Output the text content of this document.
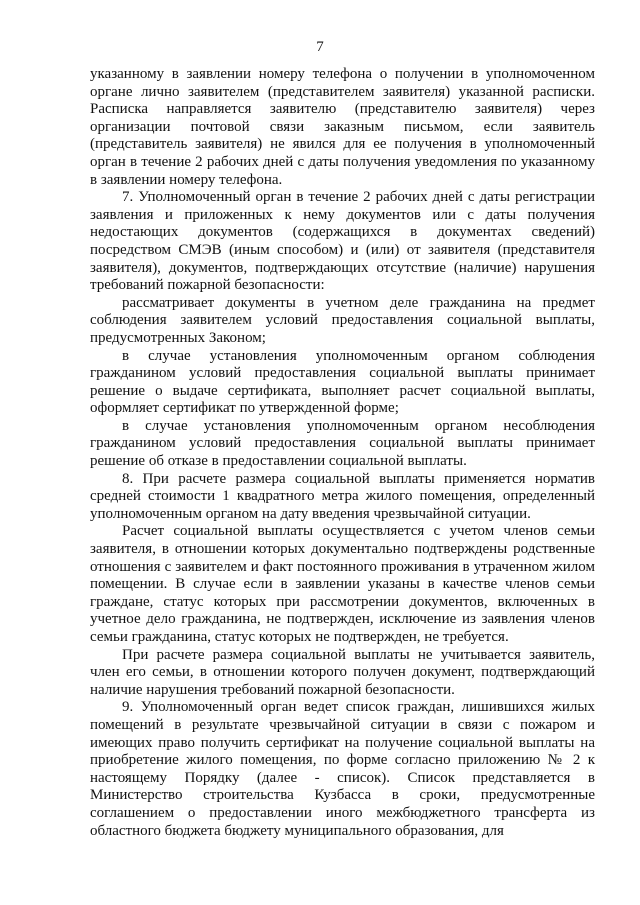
7

указанному в заявлении номеру телефона о получении в уполномоченном органе лично заявителем (представителем заявителя) указанной расписки. Расписка направляется заявителю (представителю заявителя) через организации почтовой связи заказным письмом, если заявитель (представитель заявителя) не явился для ее получения в уполномоченный орган в течение 2 рабочих дней с даты получения уведомления по указанному в заявлении номеру телефона.

7. Уполномоченный орган в течение 2 рабочих дней с даты регистрации заявления и приложенных к нему документов или с даты получения недостающих документов (содержащихся в документах сведений) посредством СМЭВ (иным способом) и (или) от заявителя (представителя заявителя), документов, подтверждающих отсутствие (наличие) нарушения требований пожарной безопасности:

рассматривает документы в учетном деле гражданина на предмет соблюдения заявителем условий предоставления социальной выплаты, предусмотренных Законом;

в случае установления уполномоченным органом соблюдения гражданином условий предоставления социальной выплаты принимает решение о выдаче сертификата, выполняет расчет социальной выплаты, оформляет сертификат по утвержденной форме;

в случае установления уполномоченным органом несоблюдения гражданином условий предоставления социальной выплаты принимает решение об отказе в предоставлении социальной выплаты.

8. При расчете размера социальной выплаты применяется норматив средней стоимости 1 квадратного метра жилого помещения, определенный уполномоченным органом на дату введения чрезвычайной ситуации.

Расчет социальной выплаты осуществляется с учетом членов семьи заявителя, в отношении которых документально подтверждены родственные отношения с заявителем и факт постоянного проживания в утраченном жилом помещении. В случае если в заявлении указаны в качестве членов семьи граждане, статус которых при рассмотрении документов, включенных в учетное дело гражданина, не подтвержден, исключение из заявления членов семьи гражданина, статус которых не подтвержден, не требуется.

При расчете размера социальной выплаты не учитывается заявитель, член его семьи, в отношении которого получен документ, подтверждающий наличие нарушения требований пожарной безопасности.

9. Уполномоченный орган ведет список граждан, лишившихся жилых помещений в результате чрезвычайной ситуации в связи с пожаром и имеющих право получить сертификат на получение социальной выплаты на приобретение жилого помещения, по форме согласно приложению № 2 к настоящему Порядку (далее - список). Список представляется в Министерство строительства Кузбасса в сроки, предусмотренные соглашением о предоставлении иного межбюджетного трансферта из областного бюджета бюджету муниципального образования, для
